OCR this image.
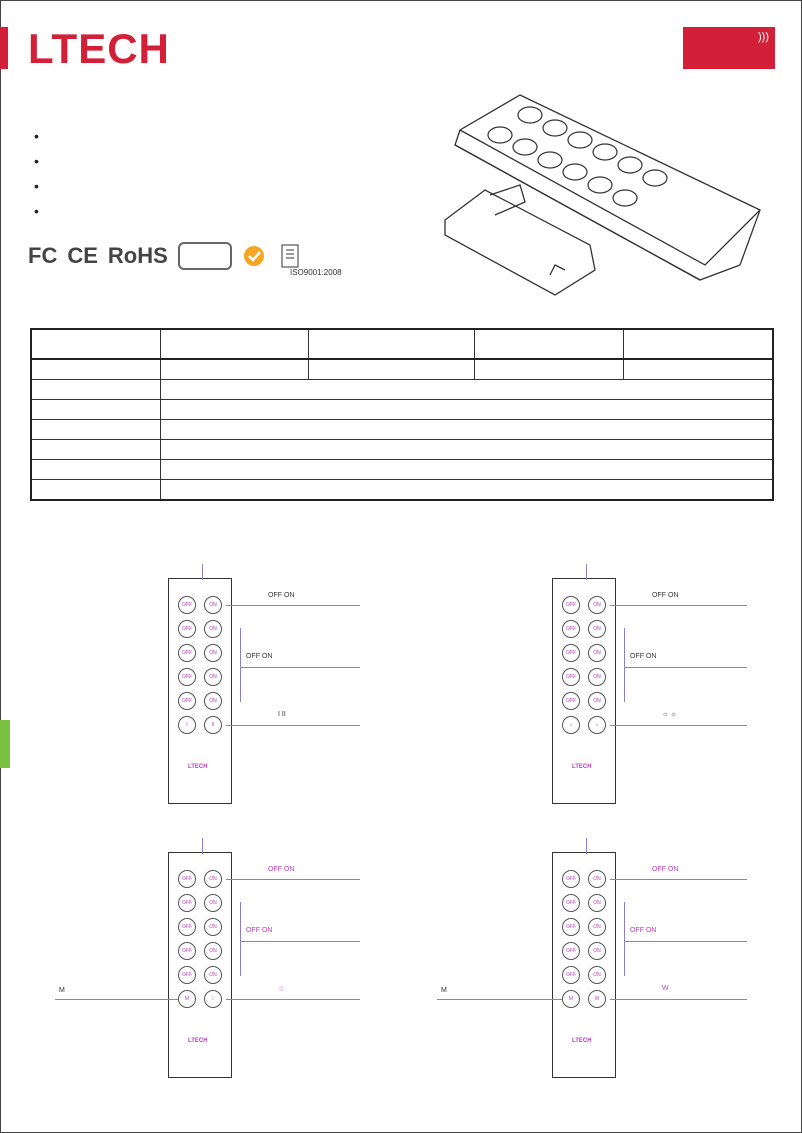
LTECH	)))
•
•
•
•
FC CE RoHS
ISO9001:2008

OFF	ON
OFF	ON
OFF	ON
OFF	ON
OFF	ON
I	II
LTECH
OFF ON
OFF ON
I II
OFF	ON
OFF	ON
OFF	ON
OFF	ON
OFF	ON
☼	☼
LTECH
OFF ON
OFF ON
☼ ☼
OFF	ON
OFF	ON
OFF	ON
OFF	ON
OFF	ON
M	☆
LTECH
OFF ON
OFF ON
☆
M
OFF	ON
OFF	ON
OFF	ON
OFF	ON
OFF	ON
M	W
LTECH
OFF ON
OFF ON
W
M
